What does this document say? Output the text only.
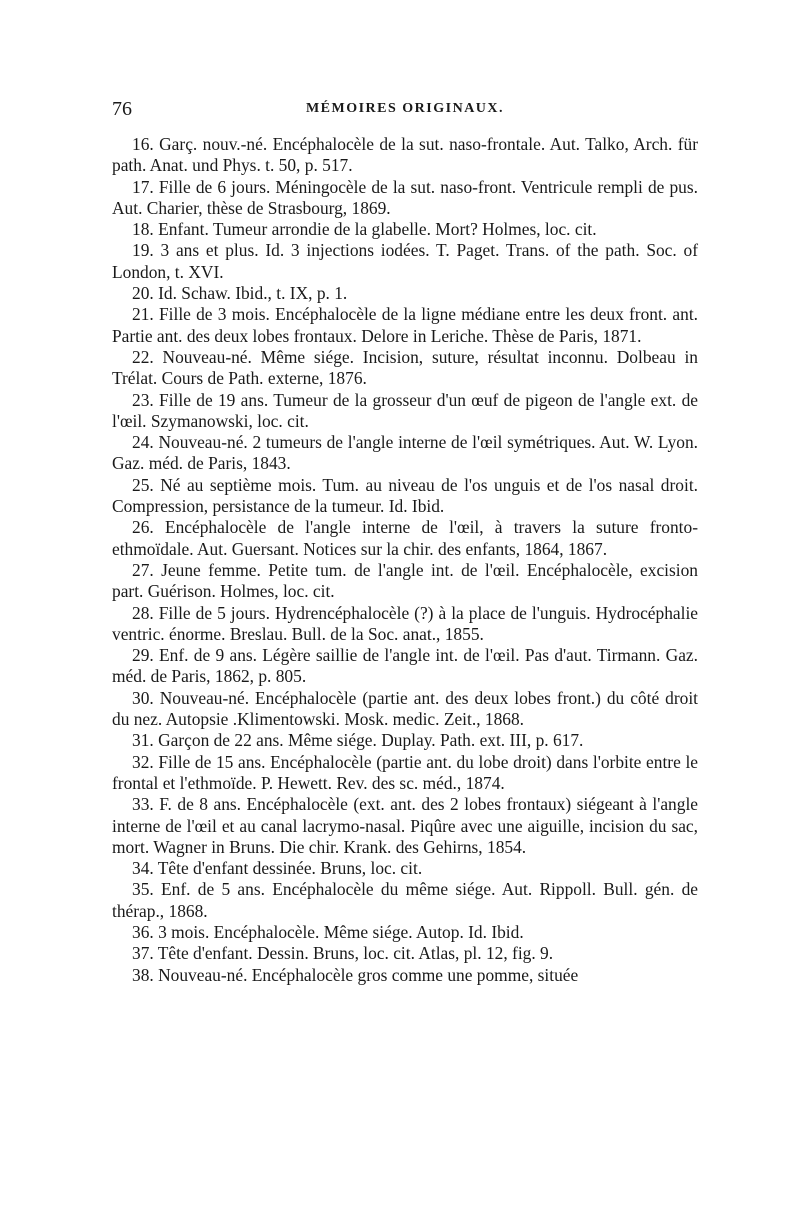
76	MÉMOIRES ORIGINAUX.

16. Garç. nouv.-né. Encéphalocèle de la sut. naso-frontale. Aut. Talko, Arch. für path. Anat. und Phys. t. 50, p. 517.

17. Fille de 6 jours. Méningocèle de la sut. naso-front. Ventricule rempli de pus. Aut. Charier, thèse de Strasbourg, 1869.

18. Enfant. Tumeur arrondie de la glabelle. Mort? Holmes, loc. cit.

19. 3 ans et plus. Id. 3 injections iodées. T. Paget. Trans. of the path. Soc. of London, t. XVI.

20. Id. Schaw. Ibid., t. IX, p. 1.

21. Fille de 3 mois. Encéphalocèle de la ligne médiane entre les deux front. ant. Partie ant. des deux lobes frontaux. Delore in Leriche. Thèse de Paris, 1871.

22. Nouveau-né. Même siége. Incision, suture, résultat inconnu. Dolbeau in Trélat. Cours de Path. externe, 1876.

23. Fille de 19 ans. Tumeur de la grosseur d'un œuf de pigeon de l'angle ext. de l'œil. Szymanowski, loc. cit.

24. Nouveau-né. 2 tumeurs de l'angle interne de l'œil symétriques. Aut. W. Lyon. Gaz. méd. de Paris, 1843.

25. Né au septième mois. Tum. au niveau de l'os unguis et de l'os nasal droit. Compression, persistance de la tumeur. Id. Ibid.

26. Encéphalocèle de l'angle interne de l'œil, à travers la suture fronto-ethmoïdale. Aut. Guersant. Notices sur la chir. des enfants, 1864, 1867.

27. Jeune femme. Petite tum. de l'angle int. de l'œil. Encéphalocèle, excision part. Guérison. Holmes, loc. cit.

28. Fille de 5 jours. Hydrencéphalocèle (?) à la place de l'unguis. Hydrocéphalie ventric. énorme. Breslau. Bull. de la Soc. anat., 1855.

29. Enf. de 9 ans. Légère saillie de l'angle int. de l'œil. Pas d'aut. Tirmann. Gaz. méd. de Paris, 1862, p. 805.

30. Nouveau-né. Encéphalocèle (partie ant. des deux lobes front.) du côté droit du nez. Autopsie .Klimentowski. Mosk. medic. Zeit., 1868.

31. Garçon de 22 ans. Même siége. Duplay. Path. ext. III, p. 617.

32. Fille de 15 ans. Encéphalocèle (partie ant. du lobe droit) dans l'orbite entre le frontal et l'ethmoïde. P. Hewett. Rev. des sc. méd., 1874.

33. F. de 8 ans. Encéphalocèle (ext. ant. des 2 lobes frontaux) siégeant à l'angle interne de l'œil et au canal lacrymo-nasal. Piqûre avec une aiguille, incision du sac, mort. Wagner in Bruns. Die chir. Krank. des Gehirns, 1854.

34. Tête d'enfant dessinée. Bruns, loc. cit.

35. Enf. de 5 ans. Encéphalocèle du même siége. Aut. Rippoll. Bull. gén. de thérap., 1868.

36. 3 mois. Encéphalocèle. Même siége. Autop. Id. Ibid.

37. Tête d'enfant. Dessin. Bruns, loc. cit. Atlas, pl. 12, fig. 9.

38. Nouveau-né. Encéphalocèle gros comme une pomme, située
